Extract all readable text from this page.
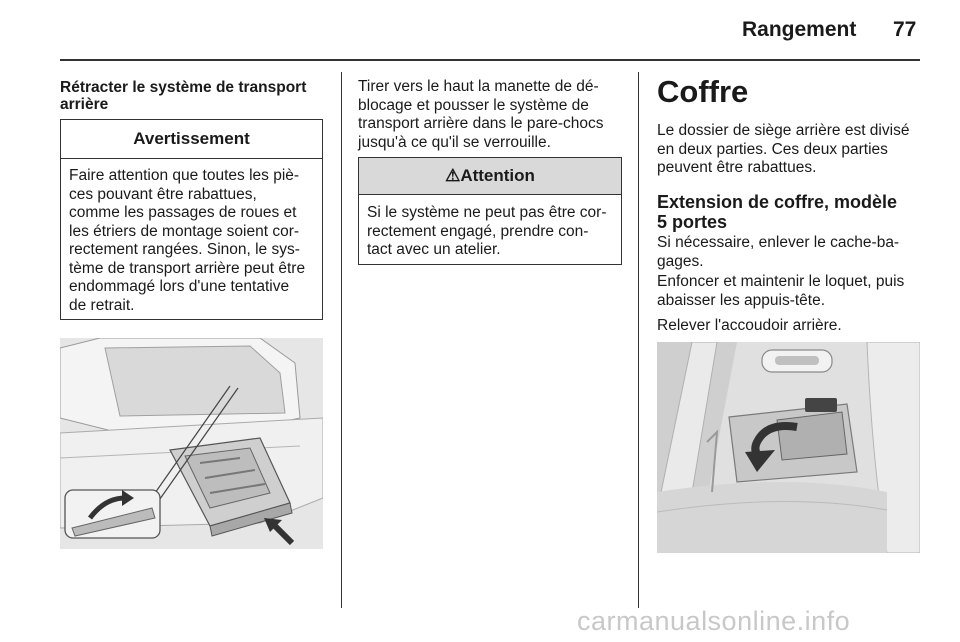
Rangement 77
Rétracter le système de transport arrière
Avertissement
Faire attention que toutes les piè-
ces pouvant être rabattues,
comme les passages de roues et
les étriers de montage soient cor-
rectement rangées. Sinon, le sys-
tème de transport arrière peut être
endommagé lors d'une tentative
de retrait.
Tirer vers le haut la manette de dé-
blocage et pousser le système de
transport arrière dans le pare-chocs
jusqu'à ce qu'il se verrouille.
⚠Attention
Si le système ne peut pas être cor-
rectement engagé, prendre con-
tact avec un atelier.
Coffre
Le dossier de siège arrière est divisé
en deux parties. Ces deux parties
peuvent être rabattues.
Extension de coffre, modèle
5 portes
Si nécessaire, enlever le cache-ba-
gages.
Enfoncer et maintenir le loquet, puis
abaisser les appuis-tête.
Relever l'accoudoir arrière.
carmanualsonline.info
